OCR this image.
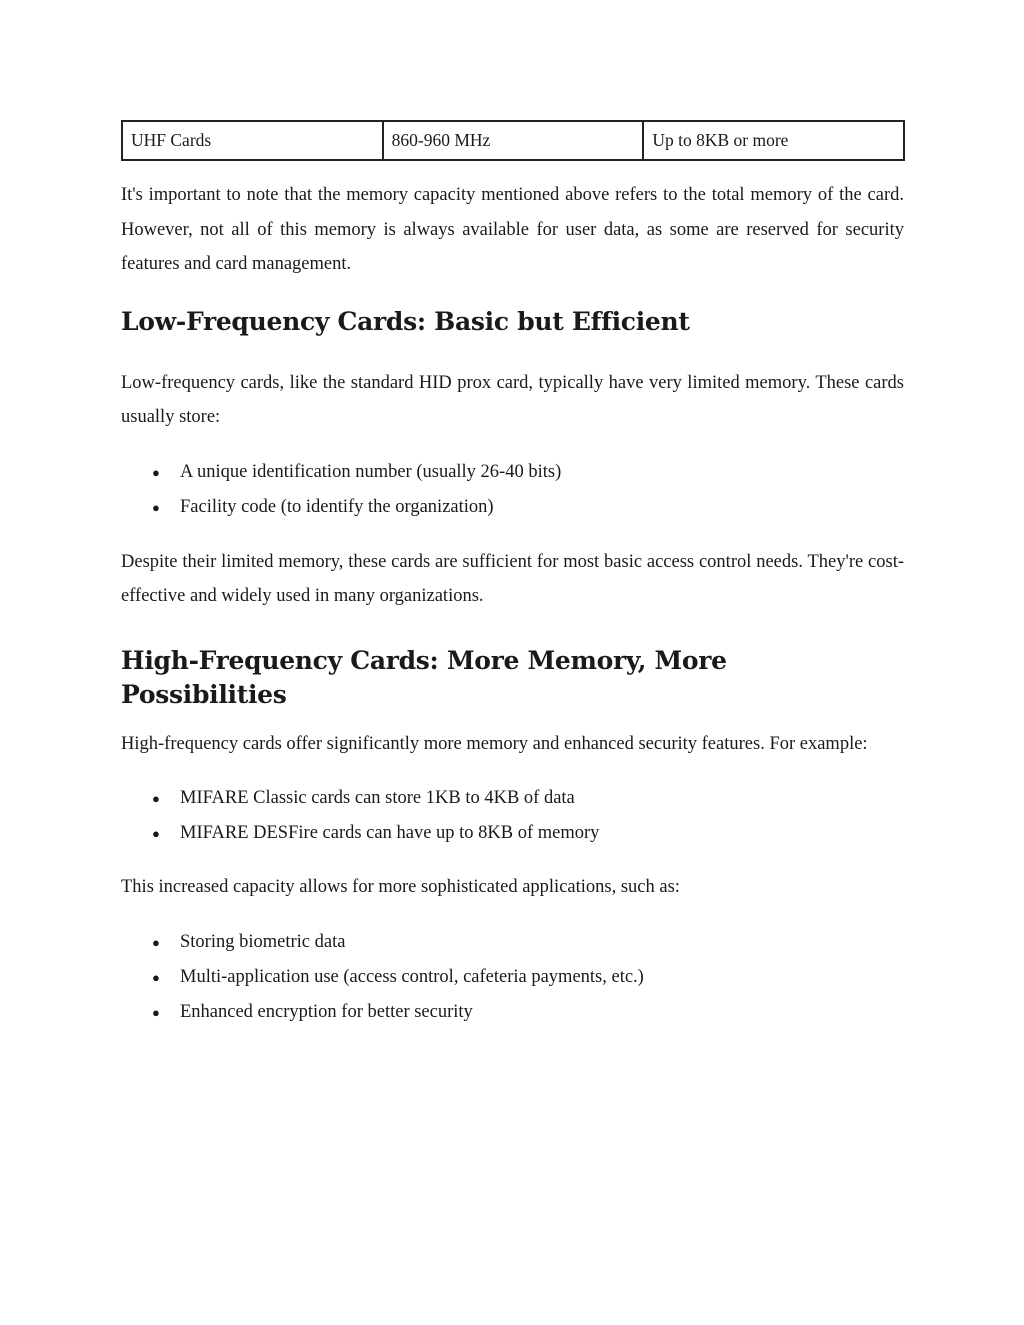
UHF Cards	860-960 MHz	Up to 8KB or more

It's important to note that the memory capacity mentioned above refers to the total memory of the card. However, not all of this memory is always available for user data, as some are reserved for security features and card management.

Low-Frequency Cards: Basic but Efficient

Low-frequency cards, like the standard HID prox card, typically have very limited memory. These cards usually store:

● A unique identification number (usually 26-40 bits)
● Facility code (to identify the organization)

Despite their limited memory, these cards are sufficient for most basic access control needs. They're cost-effective and widely used in many organizations.

High-Frequency Cards: More Memory, More
Possibilities

High-frequency cards offer significantly more memory and enhanced security features. For example:

● MIFARE Classic cards can store 1KB to 4KB of data
● MIFARE DESFire cards can have up to 8KB of memory

This increased capacity allows for more sophisticated applications, such as:

● Storing biometric data
● Multi-application use (access control, cafeteria payments, etc.)
● Enhanced encryption for better security
